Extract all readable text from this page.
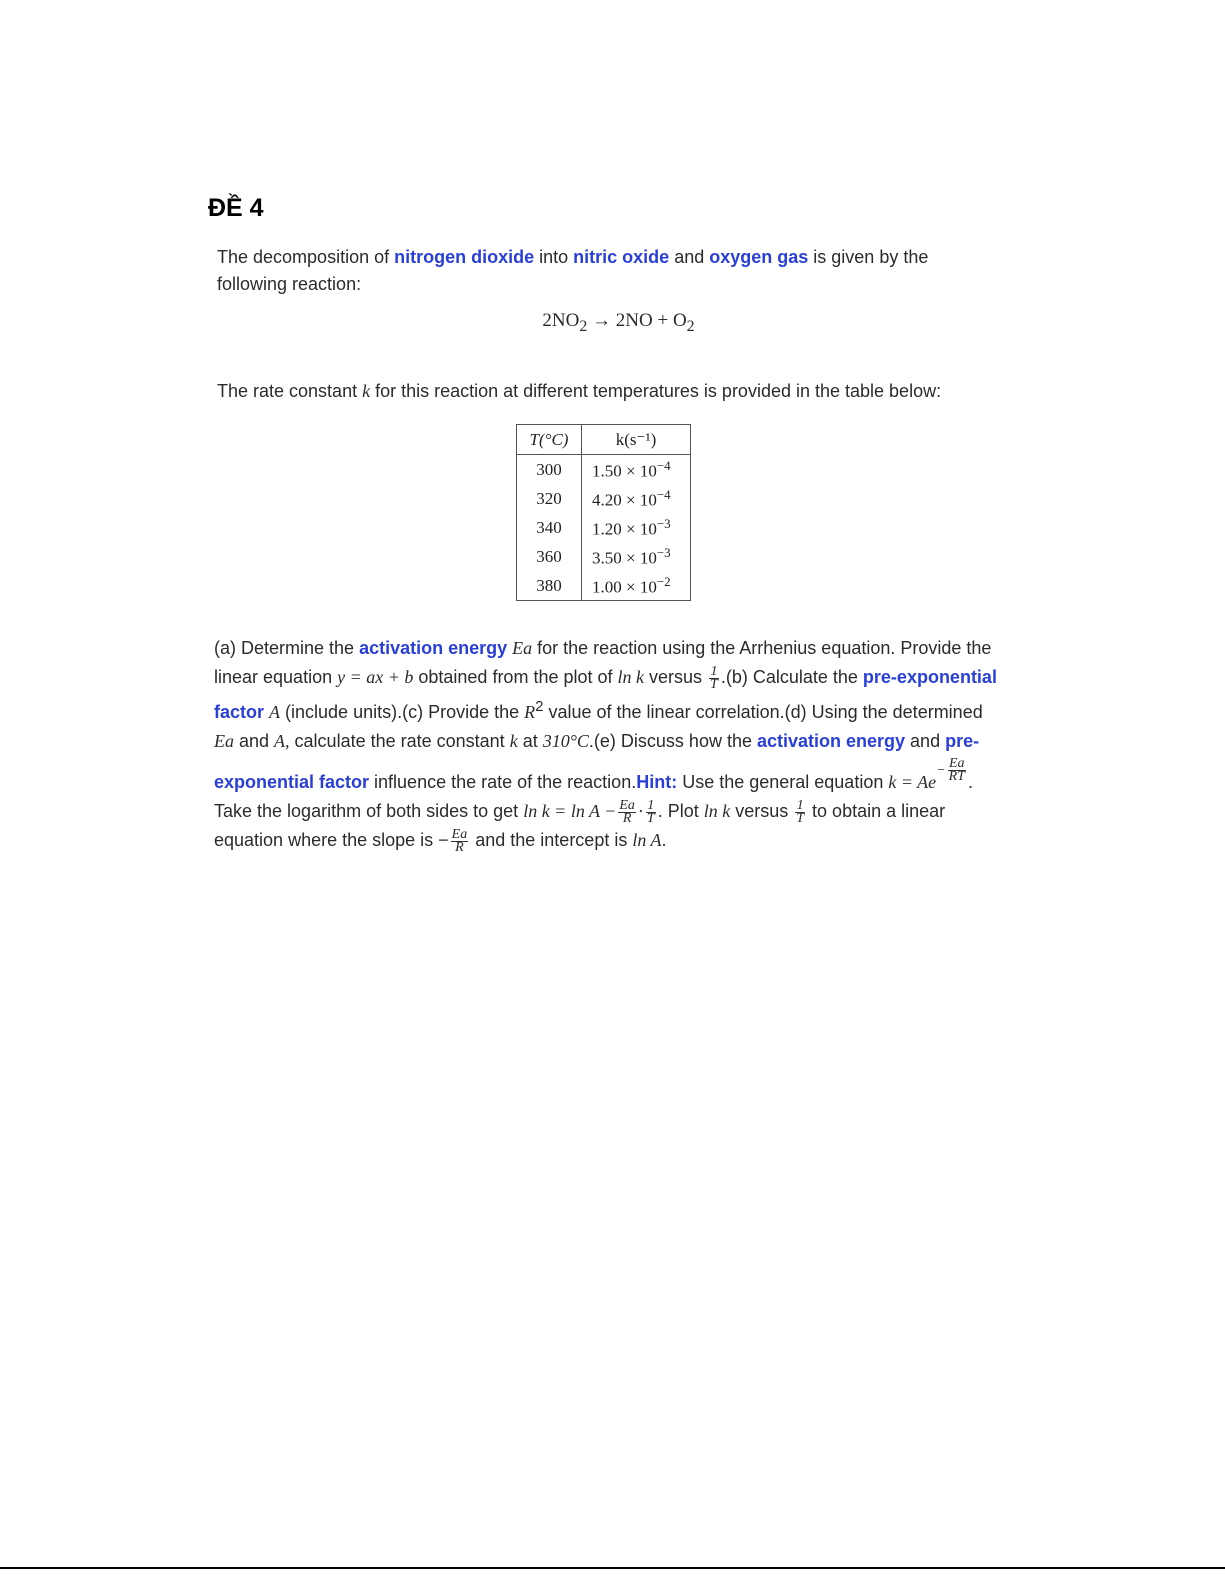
ĐỀ 4

The decomposition of nitrogen dioxide into nitric oxide and oxygen gas is given by the following reaction:

$2NO_2 \to 2NO + O_2$

The rate constant k for this reaction at different temperatures is provided in the table below:

T(°C)	k(s⁻¹)
300	$1.50 \times 10^{-4}$
320	$4.20 \times 10^{-4}$
340	$1.20 \times 10^{-3}$
360	$3.50 \times 10^{-3}$
380	$1.00 \times 10^{-2}$

(a) Determine the activation energy Ea for the reaction using the Arrhenius equation. Provide the linear equation y = ax + b obtained from the plot of ln k versus $\frac{1}{T} .(b)$ Calculate the pre-exponential factor A (include units).(c) Provide the $R^2$ value of the linear correlation.(d) Using the determined Ea and A, calculate the rate constant k at 310°C.(e) Discuss how the activation energy and pre-exponential factor influence the rate of the reaction.Hint: Use the general equation $k = Ae- \frac{Ea}{RT}$ . Take the logarithm of both sides to get $\ln k = \ln A - \frac{Ea}{R} \cdot \frac{1}{T}$ . Plot ln k versus $\frac{1}{T}$ to obtain a linear equation where the slope is − $\frac{Ea}{R}$ and the intercept is ln A.
